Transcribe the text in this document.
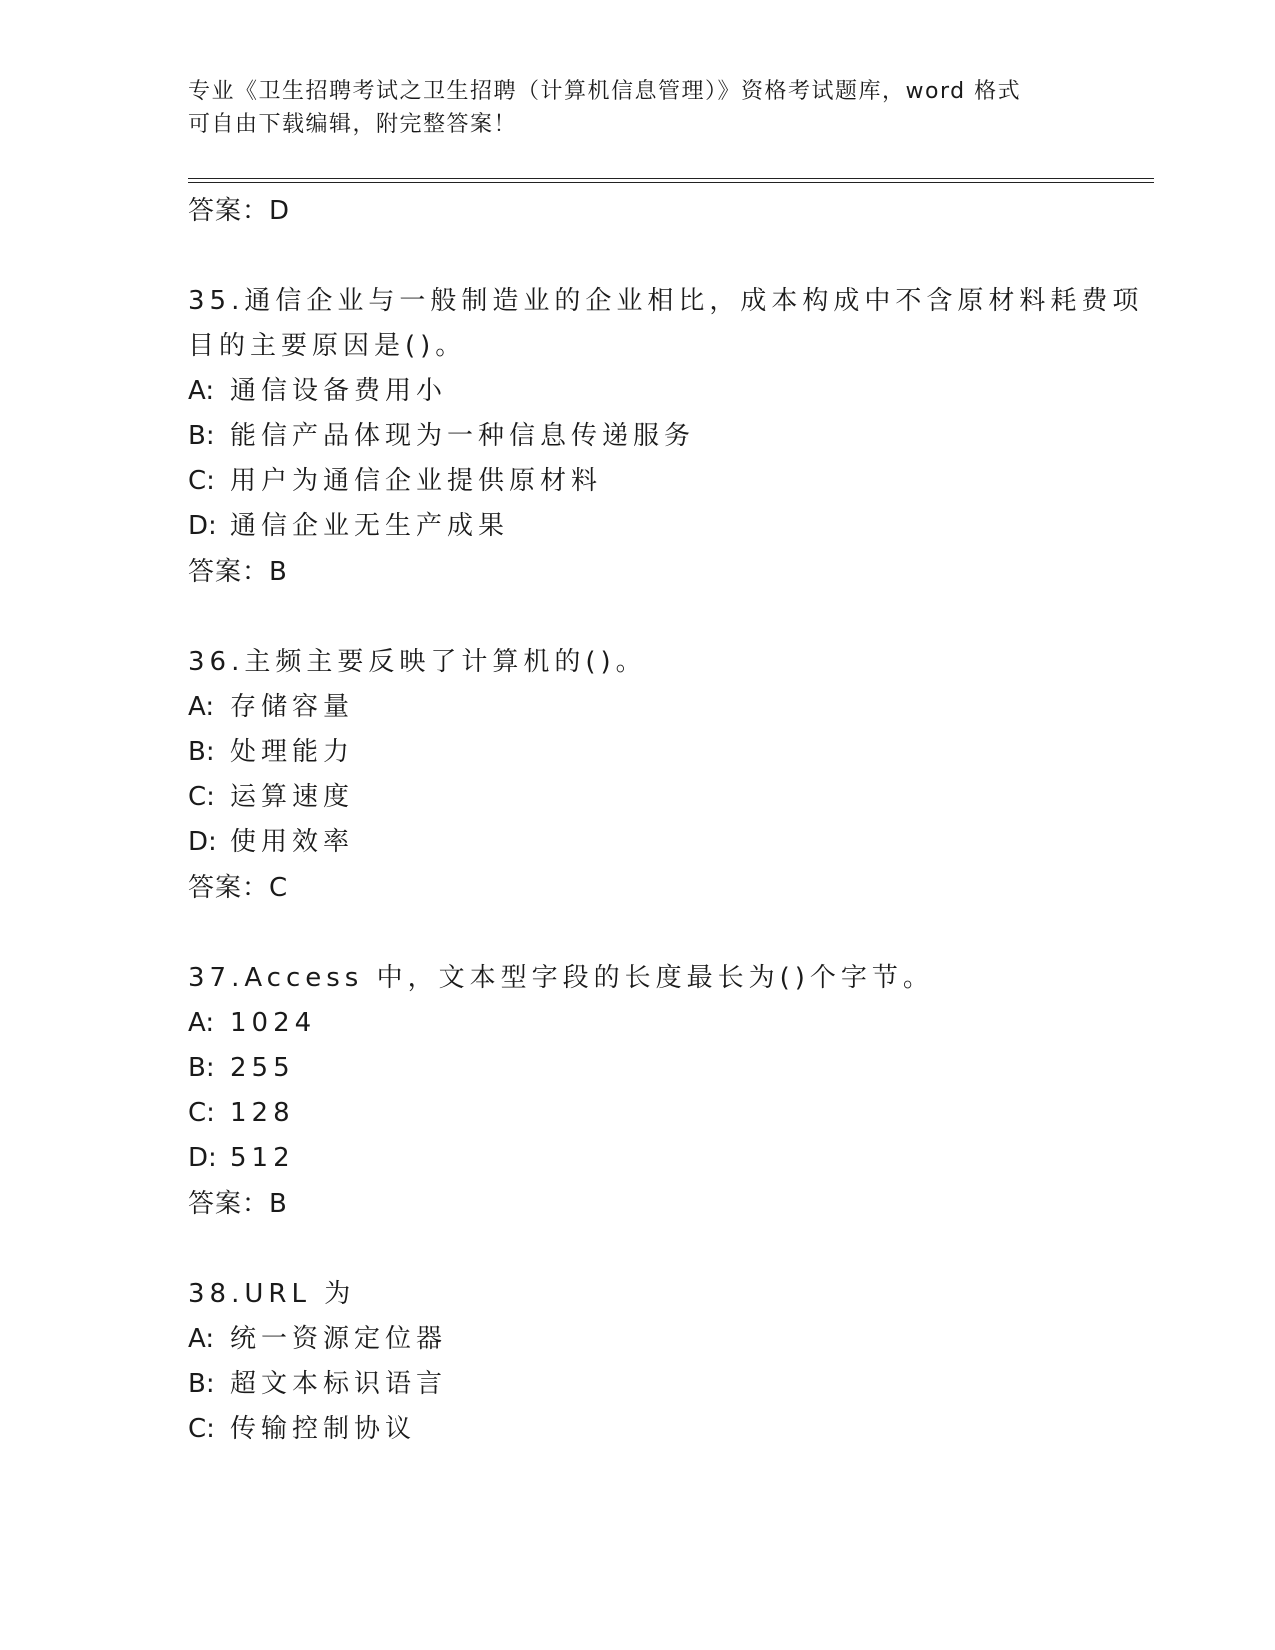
专业《卫生招聘考试之卫生招聘（计算机信息管理）》资格考试题库，word 格式
可自由下载编辑，附完整答案！
答案：D
35.通信企业与一般制造业的企业相比，成本构成中不含原材料耗费项
目的主要原因是()。
A: 通信设备费用小
B: 能信产品体现为一种信息传递服务
C: 用户为通信企业提供原材料
D: 通信企业无生产成果
答案：B
36.主频主要反映了计算机的()。
A: 存储容量
B: 处理能力
C: 运算速度
D: 使用效率
答案：C
37.Access 中，文本型字段的长度最长为()个字节。
A: 1024
B: 255
C: 128
D: 512
答案：B
38.URL 为
A: 统一资源定位器
B: 超文本标识语言
C: 传输控制协议
